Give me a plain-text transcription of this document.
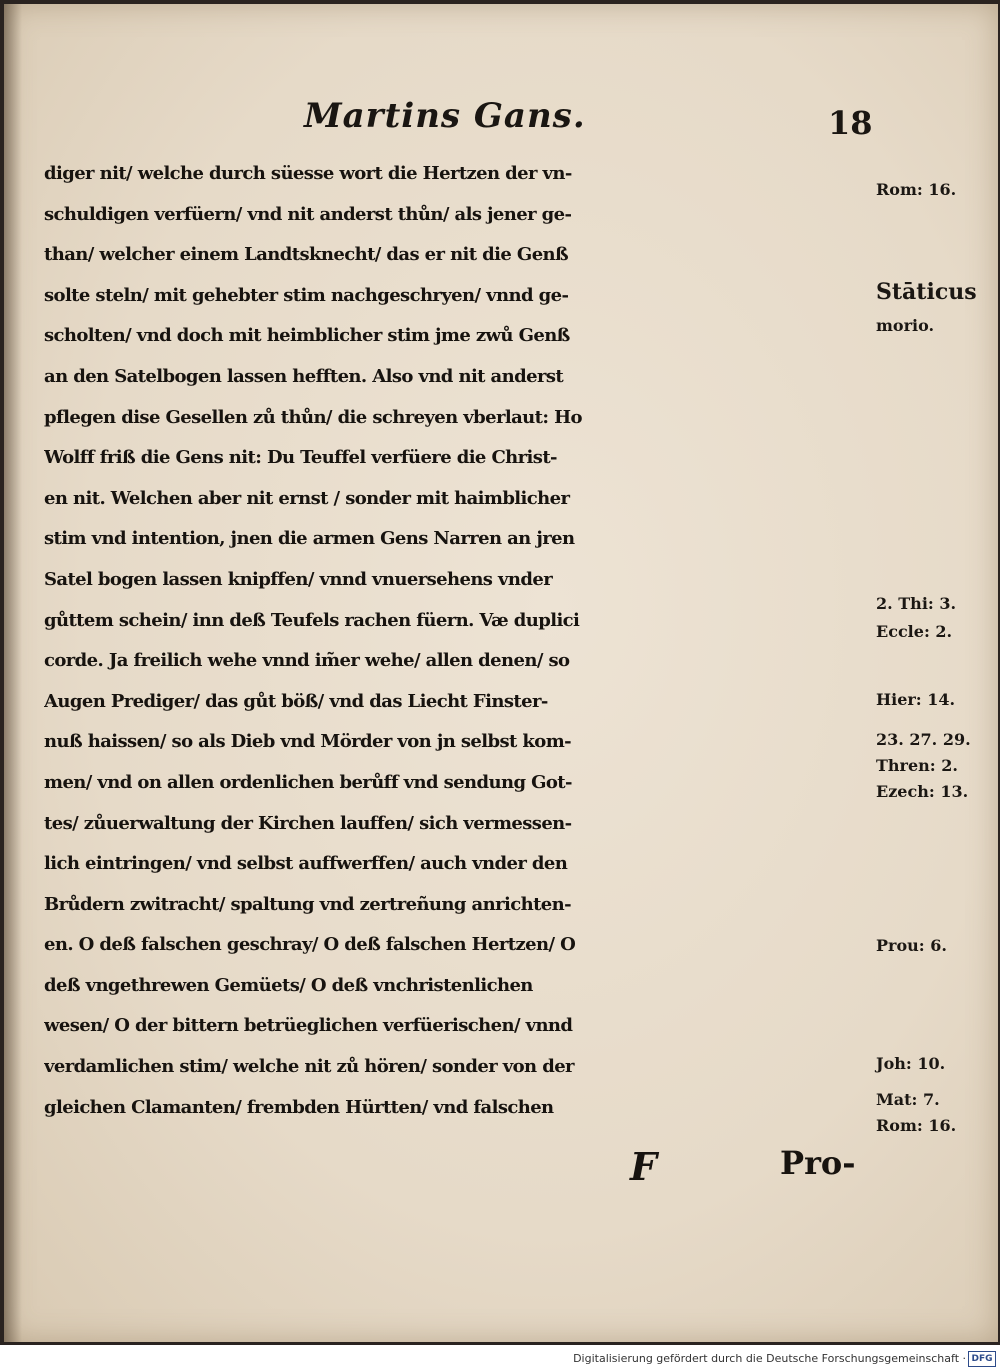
Martins Gans.	18
diger nit/ welche durch süesse wort die Hertzen der vn-
schuldigen verfüern/ vnd nit anderst thůn/ als jener ge-
than/ welcher einem Landtsknecht/ das er nit die Genß
solte steln/ mit gehebter stim nachgeschryen/ vnnd ge-
scholten/ vnd doch mit heimblicher stim jme zwů Genß
an den Satelbogen lassen hefften. Also vnd nit anderst
pflegen dise Gesellen zů thůn/ die schreyen vberlaut: Ho
Wolff friß die Gens nit: Du Teuffel verfüere die Christ-
en nit. Welchen aber nit ernst / sonder mit haimblicher
stim vnd intention, jnen die armen Gens Narren an jren
Satel bogen lassen knipffen/ vnnd vnuersehens vnder
gůttem schein/ inn deß Teufels rachen füern. Væ duplici
corde. Ja freilich wehe vnnd im̃er wehe/ allen denen/ so
Augen Prediger/ das gůt böß/ vnd das Liecht Finster-
nuß haissen/ so als Dieb vnd Mörder von jn selbst kom-
men/ vnd on allen ordenlichen berůff vnd sendung Got-
tes/ zůuerwaltung der Kirchen lauffen/ sich vermessen-
lich eintringen/ vnd selbst auffwerffen/ auch vnder den
Brůdern zwitracht/ spaltung vnd zertreñung anrichten-
en. O deß falschen geschray/ O deß falschen Hertzen/ O
deß vngethrewen Gemüets/ O deß vnchristenlichen
wesen/ O der bittern betrüeglichen verfüerischen/ vnnd
verdamlichen stim/ welche nit zů hören/ sonder von der
gleichen Clamanten/ frembden Hürtten/ vnd falschen
Rom: 16.
Stāticus
morio.
2. Thi: 3.
Eccle: 2.
Hier: 14.
23. 27. 29.
Thren: 2.
Ezech: 13.
Prou: 6.
Joh: 10.
Mat: 7.
Rom: 16.
F	Pro-
Digitalisierung gefördert durch die Deutsche Forschungsgemeinschaft · DFG
